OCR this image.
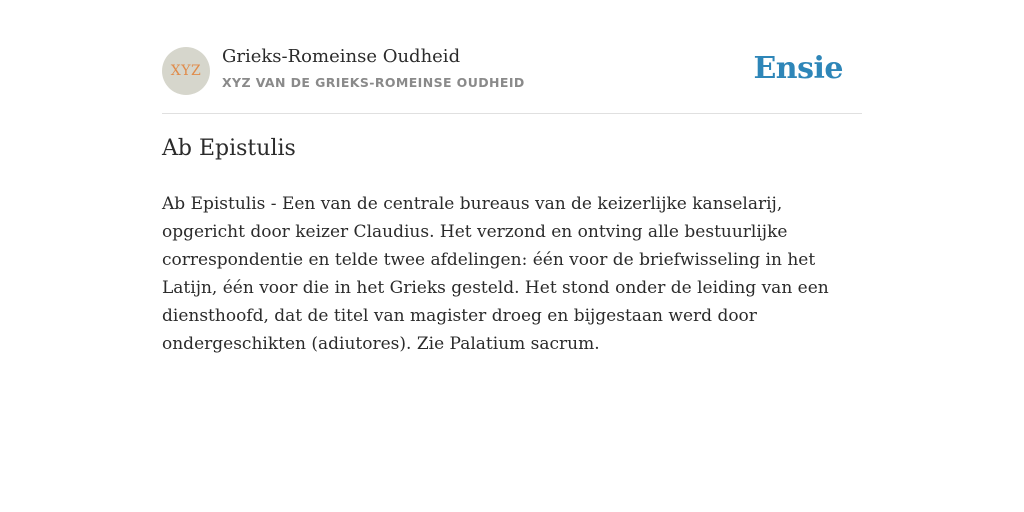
XYZ
Grieks-Romeinse Oudheid
XYZ VAN DE GRIEKS-ROMEINSE OUDHEID	Ensie
Ab Epistulis

Ab Epistulis - Een van de centrale bureaus van de keizerlijke kanselarij, opgericht door keizer Claudius. Het verzond en ontving alle bestuurlijke correspondentie en telde twee afdelingen: één voor de briefwisseling in het Latijn, één voor die in het Grieks gesteld. Het stond onder de leiding van een diensthoofd, dat de titel van magister droeg en bijgestaan werd door ondergeschikten (adiutores). Zie Palatium sacrum.
